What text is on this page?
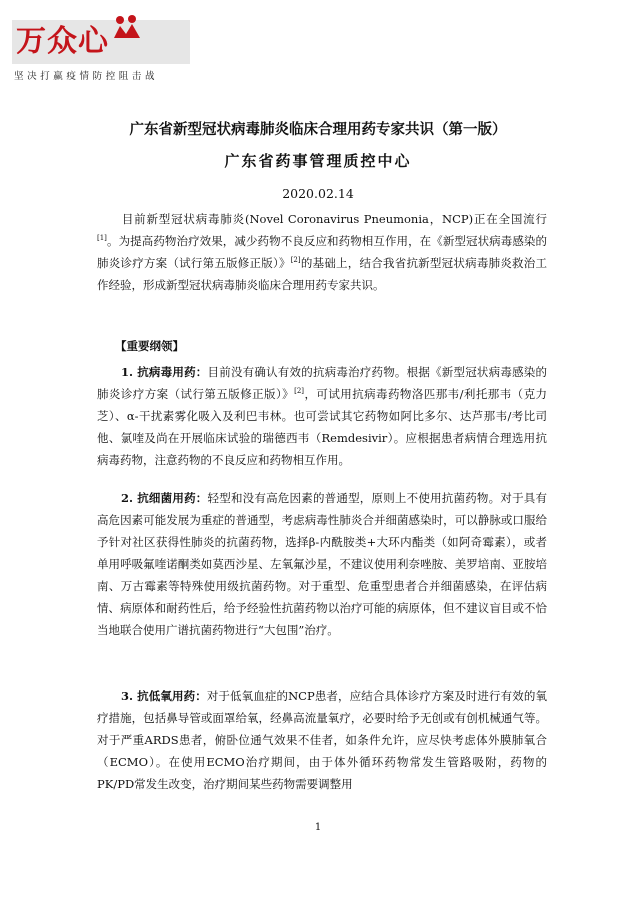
万众心
坚决打赢疫情防控阻击战
广东省新型冠状病毒肺炎临床合理用药专家共识（第一版）
广东省药事管理质控中心
2020.02.14

目前新型冠状病毒肺炎(Novel Coronavirus Pneumonia，NCP)正在全国流行[1]。为提高药物治疗效果，减少药物不良反应和药物相互作用，在《新型冠状病毒感染的肺炎诊疗方案（试行第五版修正版）》[2]的基础上，结合我省抗新型冠状病毒肺炎救治工作经验，形成新型冠状病毒肺炎临床合理用药专家共识。

【重要纲领】

1. 抗病毒用药：目前没有确认有效的抗病毒治疗药物。根据《新型冠状病毒感染的肺炎诊疗方案（试行第五版修正版）》[2]，可试用抗病毒药物洛匹那韦/利托那韦（克力芝）、α-干扰素雾化吸入及利巴韦林。也可尝试其它药物如阿比多尔、达芦那韦/考比司他、氯喹及尚在开展临床试验的瑞德西韦（Remdesivir）。应根据患者病情合理选用抗病毒药物，注意药物的不良反应和药物相互作用。

2. 抗细菌用药：轻型和没有高危因素的普通型，原则上不使用抗菌药物。对于具有高危因素可能发展为重症的普通型，考虑病毒性肺炎合并细菌感染时，可以静脉或口服给予针对社区获得性肺炎的抗菌药物，选择β-内酰胺类+大环内酯类（如阿奇霉素），或者单用呼吸氟喹诺酮类如莫西沙星、左氧氟沙星，不建议使用利奈唑胺、美罗培南、亚胺培南、万古霉素等特殊使用级抗菌药物。对于重型、危重型患者合并细菌感染，在评估病情、病原体和耐药性后，给予经验性抗菌药物以治疗可能的病原体，但不建议盲目或不恰当地联合使用广谱抗菌药物进行“大包围”治疗。

3. 抗低氧用药：对于低氧血症的NCP患者，应结合具体诊疗方案及时进行有效的氧疗措施，包括鼻导管或面罩给氧，经鼻高流量氧疗，必要时给予无创或有创机械通气等。对于严重ARDS患者，俯卧位通气效果不佳者，如条件允许，应尽快考虑体外膜肺氧合（ECMO）。在使用ECMO治疗期间，由于体外循环药物常发生管路吸附，药物的PK/PD常发生改变，治疗期间某些药物需要调整用

1
